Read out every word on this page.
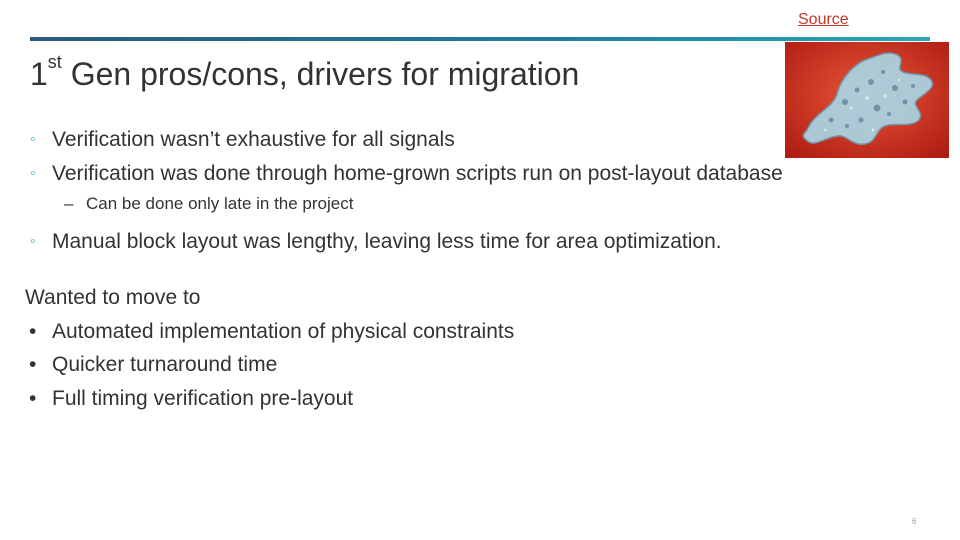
Source
1st Gen pros/cons, drivers for migration
◦ Verification wasn’t exhaustive for all signals
◦ Verification was done through home-grown scripts run on post-layout database
– Can be done only late in the project
◦ Manual block layout was lengthy, leaving less time for area optimization.
Wanted to move to
• Automated implementation of physical constraints
• Quicker turnaround time
• Full timing verification pre-layout
6
